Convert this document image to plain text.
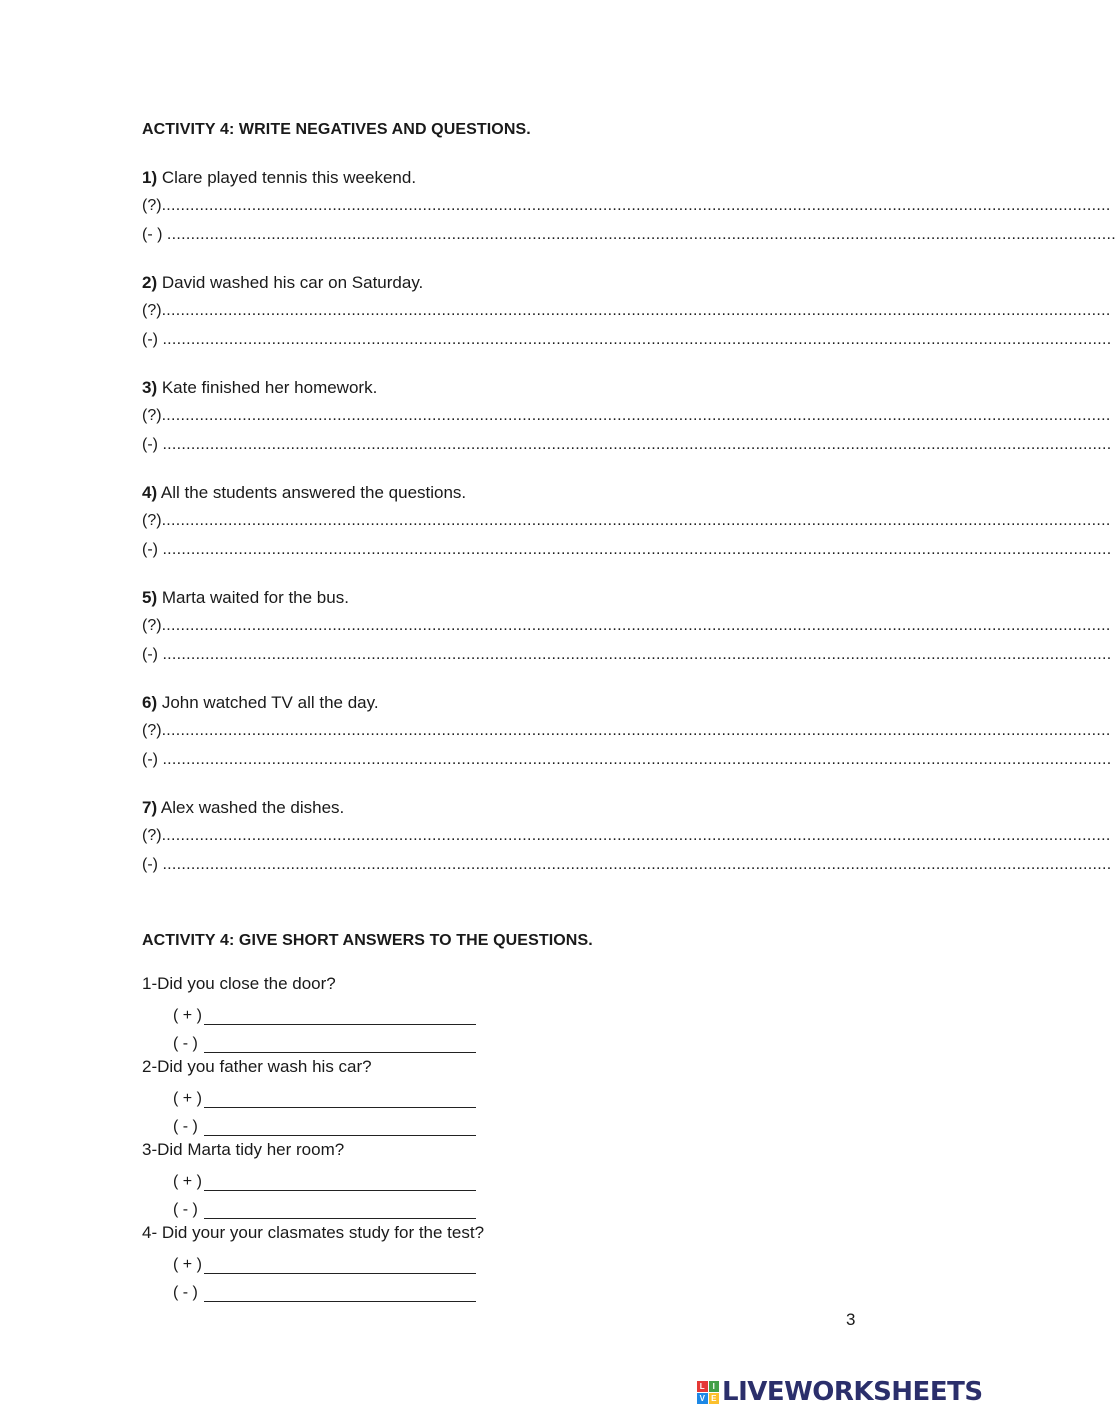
ACTIVITY 4: WRITE NEGATIVES AND QUESTIONS.
1) Clare played tennis this weekend.
(?)........................................................................................................................................................................................................
(- ) ........................................................................................................................................................................................................
2) David washed his car on Saturday.
(?)........................................................................................................................................................................................................
(-) ........................................................................................................................................................................................................
3) Kate finished her homework.
(?)........................................................................................................................................................................................................
(-) ........................................................................................................................................................................................................
4) All the students answered the questions.
(?)........................................................................................................................................................................................................
(-) ........................................................................................................................................................................................................
5) Marta waited for the bus.
(?)........................................................................................................................................................................................................
(-) ........................................................................................................................................................................................................
6) John watched TV all the day.
(?)........................................................................................................................................................................................................
(-) ........................................................................................................................................................................................................
7) Alex washed the dishes.
(?)........................................................................................................................................................................................................
(-) ........................................................................................................................................................................................................
ACTIVITY 4: GIVE SHORT ANSWERS TO THE QUESTIONS.
1-Did you close the door?
( + )
( - )
2-Did you father wash his car?
( + )
( - )
3-Did Marta tidy her room?
( + )
( - )
4- Did your your clasmates study for the test?
( + )
( - )
3
L I
V E LIVEWORKSHEETS
